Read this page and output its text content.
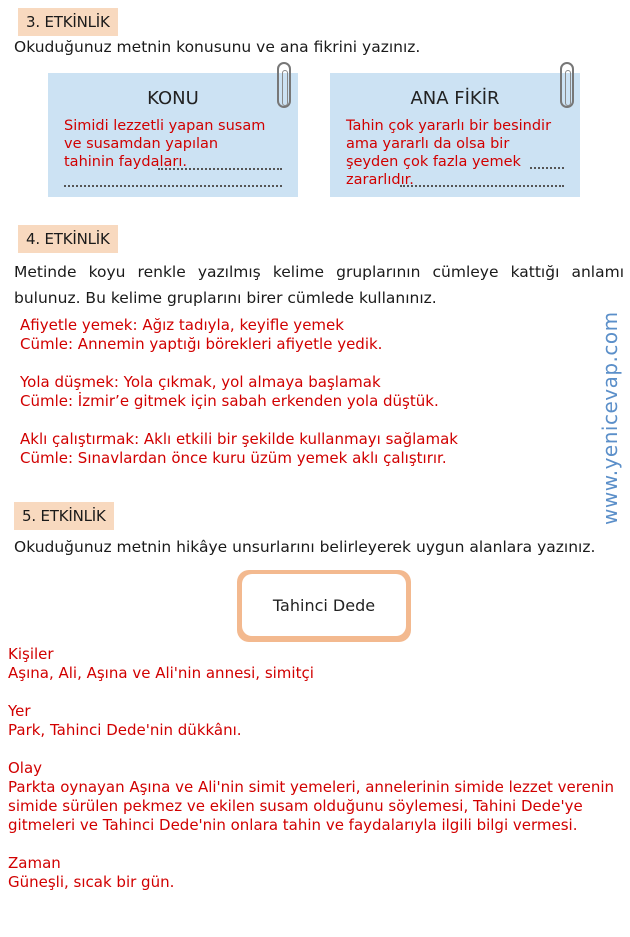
3. ETKİNLİK
Okuduğunuz metnin konusunu ve ana fikrini yazınız.
KONU
Simidi lezzetli yapan susam
ve susamdan yapılan
tahinin faydaları.
ANA FİKİR
Tahin çok yararlı bir besindir
ama yararlı da olsa bir
şeyden çok fazla yemek
zararlıdır.
4. ETKİNLİK
Metinde koyu renkle yazılmış kelime gruplarının cümleye kattığı anlamı bulunuz. Bu kelime gruplarını birer cümlede kullanınız.

Afiyetle yemek: Ağız tadıyla, keyifle yemek

Cümle: Annemin yaptığı börekleri afiyetle yedik.

Yola düşmek: Yola çıkmak, yol almaya başlamak

Cümle: İzmir’e gitmek için sabah erkenden yola düştük.

Aklı çalıştırmak: Aklı etkili bir şekilde kullanmayı sağlamak

Cümle: Sınavlardan önce kuru üzüm yemek aklı çalıştırır.	www.yenicevap.com
5. ETKİNLİK
Okuduğunuz metnin hikâye unsurlarını belirleyerek uygun alanlara yazınız.
Tahinci Dede

Kişiler

Aşına, Ali, Aşına ve Ali'nin annesi, simitçi

Yer

Park, Tahinci Dede'nin dükkânı.

Olay

Parkta oynayan Aşına ve Ali'nin simit yemeleri, annelerinin simide lezzet verenin simide sürülen pekmez ve ekilen susam olduğunu söylemesi, Tahini Dede'ye gitmeleri ve Tahinci Dede'nin onlara tahin ve faydalarıyla ilgili bilgi vermesi.

Zaman

Güneşli, sıcak bir gün.
